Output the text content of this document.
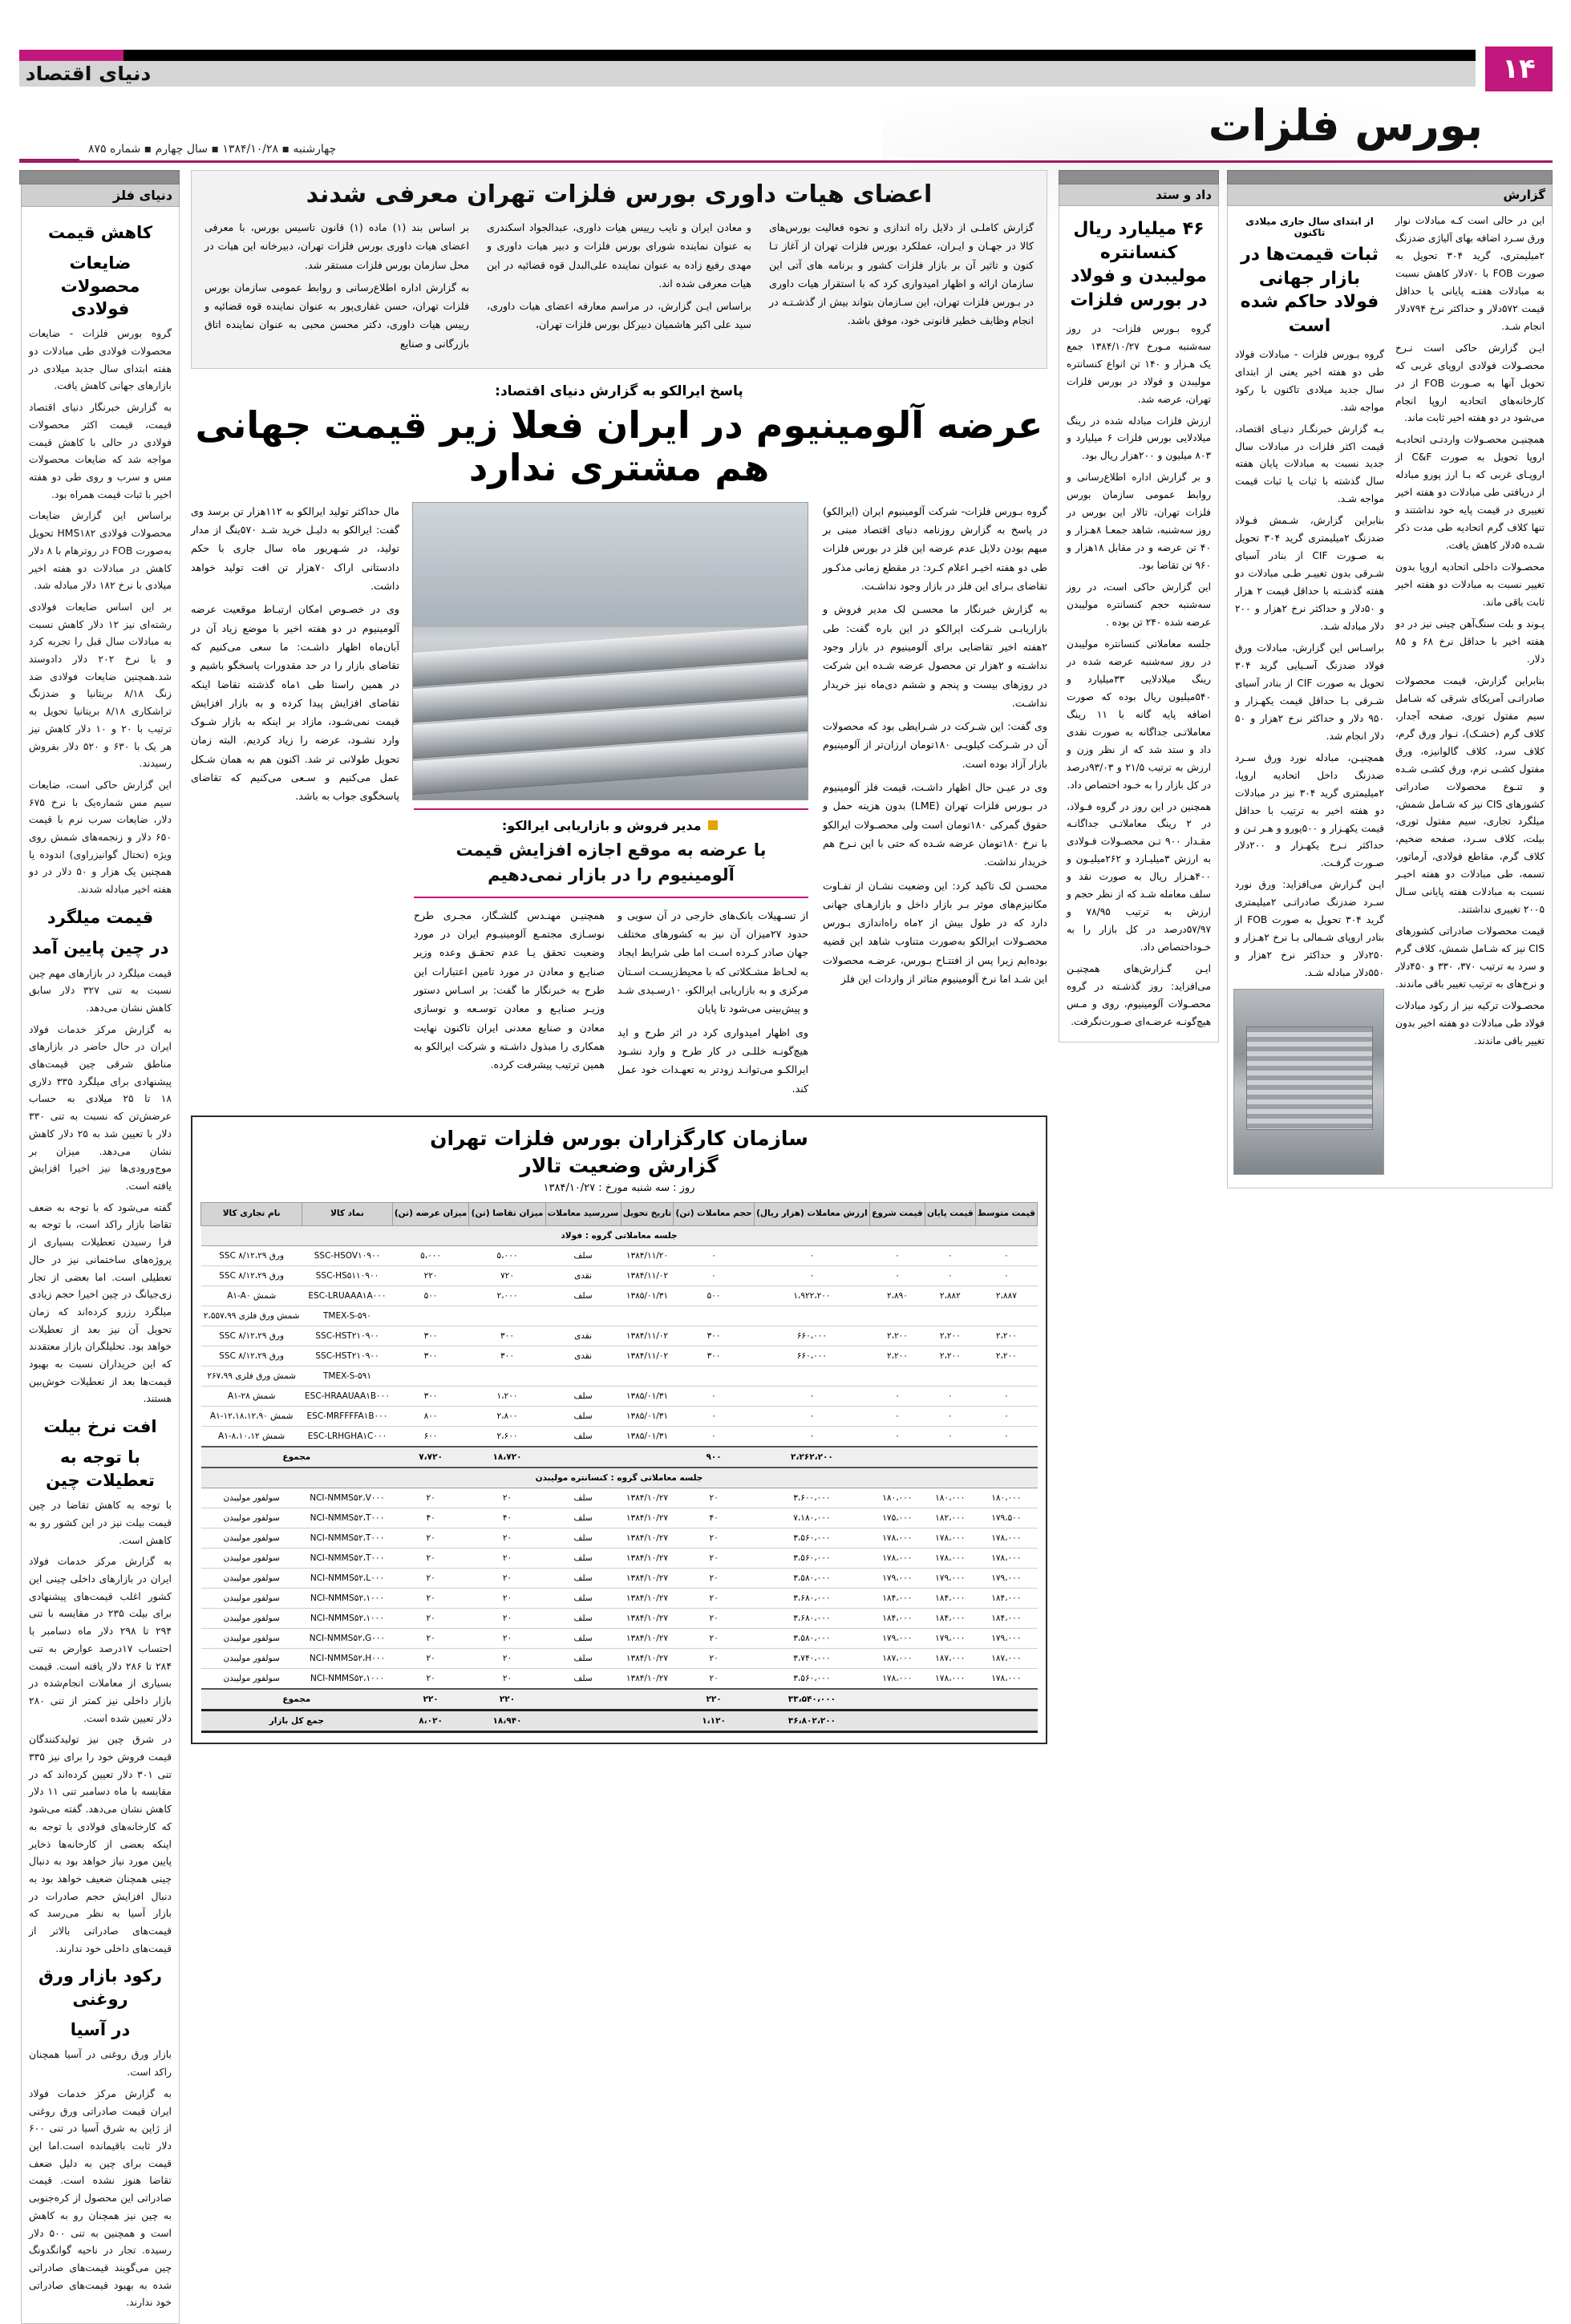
دنیای اقتصاد	۱۴
بورس فلزات
چهارشنبه ▪ ۱۳۸۴/۱۰/۲۸ ▪ سال چهارم ▪ شماره ۸۷۵
دنیای فلز
کاهش قیمت
ضایعات محصولات فولادی

گروه بورس فلزات - ضایعات محصولات فولادی طی مبادلات دو هفته ابتدای سال جدید میلادی در بازارهای جهانی کاهش یافت.

به گزارش خبرنگار دنیای اقتصاد قیمت، قیمت اکثر محصولات فولادی در حالی با کاهش قیمت مواجه شد که ضایعات محصولات مس و سرب و روی طی دو هفته اخیر با ثبات قیمت همراه بود.

براساس این گزارش ضایعات محصولات فولادی HMS۱۸۲ تحویل به‌صورت FOB در روترهام با ۸ دلار کاهش در مبادلات دو هفته اخیر میلادی با نرخ ۱۸۲ دلار مبادله شد.

بر این اساس ضایعات فولادی رشته‌ای نیز ۱۲ دلار کاهش نسبت به مبادلات سال قبل را تجربه کرد و با نرخ ۲۰۲ دلار دادوستد شد.همچنین ضایعات فولادی ضد زنگ ۸/۱۸ بریتانیا و ضدزنگ تراشکاری ۸/۱۸ بریتانیا تحویل به ترتیب با ۲۰ و ۱۰ دلار کاهش نیز هر یک با ۶۳۰ و ۵۲۰ دلار بفروش رسیدند.

این گزارش حاکی است، ضایعات سیم مس شماره‌یک با نرخ ۶۷۵ دلار، ضایعات سرب نرم با قیمت ۶۵۰ دلار و زنجمه‌های شمش روی ویژه (تختال گوانیزراوی) اندوده یا همچنین یک هزار و ۵۰ دلار در دو هفته اخیر مبادله شدند.

قیمت میلگرد
در چین پایین آمد

قیمت میلگرد در بازارهای مهم چین نسبت به تنی ۳۲۷ دلار سابق کاهش نشان می‌دهد.

به گزارش مرکز خدمات فولاد ایران در حال حاضر در بازارهای مناطق شرقی چین قیمت‌های پیشنهادی برای میلگرد ۳۳۵ دلاری ۱۸ تا ۲۵ میلادی به حساب عرضش‌تن که نسبت به تنی ۳۳۰ دلار با تعیین شد به ۲۵ دلار کاهش نشان می‌دهد. میزان بر موج‌ورودی‌ها نیز اخیرا افزایش یافته است.

گفته می‌شود که با توجه به ضعف تقاضا بازار راکد است، با توجه به فرا رسیدن تعطیلات بسیاری از پروژه‌های ساختمانی نیز در حال تعطیلی است. اما بعضی از تجار زی‌جیانگ در چین اخیرا حجم زیادی میلگرد رزرو کرده‌اند که زمان تحویل آن نیز بعد از تعطیلات خواهد بود. تحلیلگران بازار معتقدند که این خریداران نسبت به بهبود قیمت‌ها بعد از تعطیلات خوش‌بین هستند.

افت نرخ بیلت
با توجه به تعطیلات چین

با توجه به کاهش تقاضا در چین قیمت بیلت نیز در این کشور رو به کاهش است.

به گزارش مرکز خدمات فولاد ایران در بازارهای داخلی چینی این کشور اغلب قیمت‌های پیشنهادی برای بیلت ۲۳۵ در مقایسه با تنی ۲۹۴ تا ۲۹۸ دلار ماه دسامبر با احتساب ۱۷درصد عوارض به تنی ۲۸۴ تا ۲۸۶ دلار یافته است. قیمت بسیاری از معاملات انجام‌شده در بازار داخلی نیز کمتر از تنی ۲۸۰ دلار تعیین شده است.

در شرق چین نیز تولیدکنندگان قیمت فروش خود را برای نیز ۳۳۵ تنی ۳۰۱ دلار تعیین کرده‌اند که در مقایسه با ماه دسامبر تنی ۱۱ دلار کاهش نشان می‌دهد. گفته می‌شود که کارخانه‌های فولادی با توجه به اینکه بعضی از کارخانه‌ها ذخایر پایین مورد نیاز خواهد بود به دنبال چینی همچنان ضعیف خواهد بود به دنبال افزایش حجم صادرات در بازار آسیا به نظر می‌رسد که قیمت‌های صادراتی بالاتر از قیمت‌های داخلی خود ندارند.

رکود بازار ورق روغنی
در آسیا

بازار ورق روغنی در آسیا همچنان راکد است.

به گزارش مرکز خدمات فولاد ایران قیمت صادراتی ورق روغنی از ژاپن به شرق آسیا در تنی ۶۰۰ دلار ثابت باقیمانده است.اما این قیمت برای چین به دلیل ضعف تقاضا هنوز نشده است. قیمت صادراتی این محصول از کره‌جنوبی به چین نیز همچنان رو به کاهش است و همچنین به تنی ۵۰۰ دلار رسیده. تجار در ناحیه گوانگدونگ چین می‌گویند قیمت‌های صادراتی شده به بهبود قیمت‌های صادراتی خود ندارند.

اعضای هیات داوری بورس فلزات تهران معرفی شدند

گزارش کاملـی از دلایل راه اندازی و نحوه فعالیت بورس‌های کالا در جهـان و ایـران، عملکرد بورس فلزات تهران از آغاز تـا کنون و تاثیر آن بر بازار فلزات کشور و برنامه های آتی این سازمان ارائه و اظهار امیدواری کرد که با استقرار هیات داوری در بـورس فلزات تهران، این سـازمان بتواند بیش از گذشـتـه در انجام وظایف خطیر قانونی خود، موفق باشد.

و معادن ایران و نایب رییس هیات داوری، عبدالجواد اسکندری به عنوان نماینده شورای بورس فلزات و دبیر هیات داوری و مهدی رفیع زاده به عنوان نماینده علی‌البدل قوه قضائیه در این هیات معرفی شده اند.

براساس ایـن گزارش، در مراسم معارفه اعضای هیات داوری، سید علی اکبر هاشمیان دبیرکل بورس فلزات تهران،

بر اساس بند (۱) ماده (۱) قانون تاسیس بورس، با معرفی اعضای هیات داوری بورس فلزات تهران، دبیرخانه این هیات در محل سازمان بورس فلزات مستقر شد.

به گزارش اداره اطلاع‌رسانی و روابط عمومی سازمان بورس فلزات تهران، حسن غفاری‌پور به عنوان نماینده قوه قضائیه و رییس هیات داوری، دکتر محسن محبی به عنوان نماینده اتاق بازرگانی و صنایع

پاسخ ایرالکو به گزارش دنیای اقتصاد:
عرضه آلومینیوم در ایران فعلا زیر قیمت جهانی هم مشتری ندارد

گروه بـورس فلزات- شرکت آلومینیوم ایران (ایرالکو) در پاسخ به گزارش روزنامه دنیای اقتصاد مبنی بر مبهم بودن دلایل عدم عرضه این فلز در بورس فلزات طی دو هفته اخیـر اعلام کـرد: در مقطع زمانی مذکـور تقاضای بـرای این فلز در بازار وجود نداشـت.

به گزارش خبرنگار ما محسـن لک مدیر فروش و بازاریابـی شـرکت ایرالکو در این باره گفت: طی ۲هفته اخیر تقاضایی برای آلومینیوم در بازار وجود نداشـته و ۲هزار تن محصول عرضه شـده این شرکت در روزهای بیست و پنجم و ششم دی‌ماه نیز خریدار نداشـت.

وی گفت: این شـرکت در شـرایطی بود که محصولات آن در شـرکت کیلویـی ۱۸۰تومان ارزان‌تر از آلومینیوم بازار آزاد بوده است.

وی در عیـن حال اظهار داشـت، قیمت فلز آلومینیوم در بـورس فلزات تهران (LME) بدون هزینه حمل و حقوق گمرکی ۱۸۰تومان است ولی محصـولات ایرالکو با نرخ ۱۸۰تومان عرضه شـده که حتی با این نـرخ هم خریدار نداشت.

محسـن لک تاکید کرد: این وضعیت نشـان از تفـاوت مکانیزم‌های موثر بـر بازار داخل و بازارهـای جهانی دارد که در طول بیش از ۲ماه راه‌اندازی بـورس محصـولات ایرالکو به‌صورت متناوب شاهد این قضیه بوده‌ایم زیرا پس از افتتـاح بـورس، عرضـه محصولات این شـد اما نرخ آلومینیوم متاثر از واردات این فلز

مدیر فروش و بازاریابی ایرالکو:
با عرضه به موقع اجازه افزایش قیمت آلومینیوم را در بازار نمی‌دهیم

از تسـهیلات بانک‌های خارجی در آن سویی و حدود ۲۷میزان آن نیز به کشورهای مختلف جهان صادر کـرده اسـت اما طی شرایط ایجاد به لحـاظ مشـکلاتی که با محیط‌زیسـت اسـتان مرکزی و به بازاریابی ایرالکو، ۱۰رسـیدی شـد و پیش‌بینی می‌شود تا پایان

وی اظهار امیدواری کرد در اثر طرح و اید هیچ‌گونـه خللـی در کار طرح و وارد نشـود ایرالکـو می‌توانـد زودتر به تعهـدات خود عمل کند.

همچنیـن مهنـدس گلشـگار، مجـری طرح نوسـازی مجتمـع آلومینیـوم ایران در مورد وضعیت تحقق یـا عدم تحقـق وعده وزیر صنایـع و معادن در مورد تامین اعتبارات این طرح به خبرنگار ما گفت: بر اسـاس دستور وزیـر صنایـع و معادن توسـعه و نوسازی معادن و صنایع معدنی ایران تاکنون نهایت همکاری را مبذول داشـته و شرکت ایرالکو به همین ترتیب پیشرفت کرده.

مال حداکثر تولید ایرالکو به ۱۱۲هزار تن برسد وی گفت: ایرالکو به دلیـل خرید شـد ۵۷۰ینگ از مدار تولید، در شـهریور ماه سال جاری با حکم دادستانی اراک ۷۰هزار تن افت تولید خواهد داشت.

وی در خصـوص امکان ارتبـاط موقعیت عرضه آلومینیوم در دو هفته اخیر با موضع زیاد آن در آبان‌ماه اظهار داشـت: ما سعی می‌کنیم که تقاضای بازار را در حد مقدورات پاسخگو باشیم و در همین راستا طی ۱ماه گذشته تقاضا اینکه تقاضای افزایش پیدا کرده و به بازار افزایش قیمت نمی‌شـود، مازاد بر اینکه به بازار شـوک وارد نشـود، عرضه را زیاد کردیم. البته زمان تحویل طولانی تر شد. اکنون هم به همان شـکل عمل می‌کنیم و سـعی می‌کنیم که تقاضای پاسخگوی جواب به باشد.

سازمان کارگزاران بورس فلزات تهران
گزارش وضعیت تالار
روز : سه شنبه مورخ : ۱۳۸۴/۱۰/۲۷
قیمت متوسط	قیمت پایان	قیمت شروع	ارزش معاملات (هزار ریال)	حجم معاملات (تن)	تاریخ تحویل	سررسید معاملات	میزان تقاضا (تن)	میزان عرضه (تن)	نماد کالا	نام تجاری کالا
جلسه معاملاتی گروه : فولاد										
۰	۰	۰	۰	۰	۱۳۸۴/۱۱/۲۰	سلف	۵،۰۰۰	۵،۰۰۰	SSC-HSOV۱۰۹۰۰	ورق SSC ۸/۱۲،۲۹
۰	۰	۰	۰	۰	۱۳۸۴/۱۱/۰۲	نقدی	۷۲۰	۲۲۰	SSC-HS۵۱۱۰۹۰۰	ورق SSC ۸/۱۲،۲۹
۲،۸۸۷	۲،۸۸۲	۲،۸۹۰	۱،۹۲۲،۲۰۰	۵۰۰	۱۳۸۵/۰۱/۳۱	سلف	۲،۰۰۰	۵۰۰	ESC-LRUAAA۱A۰۰۰	شمش A۱-A۰
									TMEX-S-۵۹۰	شمش ورق فلزی ۲،۵۵۷،۹۹
۲،۲۰۰	۲،۲۰۰	۲،۲۰۰	۶۶۰،۰۰۰	۳۰۰	۱۳۸۴/۱۱/۰۲	نقدی	۳۰۰	۳۰۰	SSC-HST۲۱۰۹۰۰	ورق SSC ۸/۱۲،۲۹
۲،۲۰۰	۲،۲۰۰	۲،۲۰۰	۶۶۰،۰۰۰	۳۰۰	۱۳۸۴/۱۱/۰۲	نقدی	۳۰۰	۳۰۰	SSC-HST۲۱۰۹۰۰	ورق SSC ۸/۱۲،۲۹
									TMEX-S-۵۹۱	شمش ورق فلزی ۲۶۷،۹۹
۰	۰	۰	۰	۰	۱۳۸۵/۰۱/۳۱	سلف	۱،۲۰۰	۳۰۰	ESC-HRAAUAA۱B۰۰۰	شمش A۱-۲۸
۰	۰	۰	۰	۰	۱۳۸۵/۰۱/۳۱	سلف	۲،۸۰۰	۸۰۰	ESC-MRFFFFA۱B۰۰۰	شمش A۱-۱۲،۱۸،۱۲،۹۰
۰	۰	۰	۰	۰	۱۳۸۵/۰۱/۳۱	سلف	۲،۶۰۰	۶۰۰	ESC-LRHGHA۱C۰۰۰	شمش A۱-۸،۱۰،۱۲
			۲،۲۶۲،۲۰۰	۹۰۰			۱۸،۷۲۰	۷،۷۲۰	مجموع	
جلسه معاملاتی گروه : کنسانتره مولیبدن										
۱۸۰،۰۰۰	۱۸۰،۰۰۰	۱۸۰،۰۰۰	۳،۶۰۰،۰۰۰	۲۰	۱۳۸۴/۱۰/۲۷	سلف	۲۰	۲۰	NCI-NMMS۵۲،V۰۰۰	سولفور مولیبدن
۱۷۹،۵۰۰	۱۸۲،۰۰۰	۱۷۵،۰۰۰	۷،۱۸۰،۰۰۰	۴۰	۱۳۸۴/۱۰/۲۷	سلف	۴۰	۴۰	NCI-NMMS۵۲،T۰۰۰	سولفور مولیبدن
۱۷۸،۰۰۰	۱۷۸،۰۰۰	۱۷۸،۰۰۰	۳،۵۶۰،۰۰۰	۲۰	۱۳۸۴/۱۰/۲۷	سلف	۲۰	۲۰	NCI-NMMS۵۲،T۰۰۰	سولفور مولیبدن
۱۷۸،۰۰۰	۱۷۸،۰۰۰	۱۷۸،۰۰۰	۳،۵۶۰،۰۰۰	۲۰	۱۳۸۴/۱۰/۲۷	سلف	۲۰	۲۰	NCI-NMMS۵۲،T۰۰۰	سولفور مولیبدن
۱۷۹،۰۰۰	۱۷۹،۰۰۰	۱۷۹،۰۰۰	۳،۵۸۰،۰۰۰	۲۰	۱۳۸۴/۱۰/۲۷	سلف	۲۰	۲۰	NCI-NMMS۵۲،L۰۰۰	سولفور مولیبدن
۱۸۴،۰۰۰	۱۸۴،۰۰۰	۱۸۴،۰۰۰	۳،۶۸۰،۰۰۰	۲۰	۱۳۸۴/۱۰/۲۷	سلف	۲۰	۲۰	NCI-NMMS۵۲،۱۰۰۰	سولفور مولیبدن
۱۸۴،۰۰۰	۱۸۴،۰۰۰	۱۸۴،۰۰۰	۳،۶۸۰،۰۰۰	۲۰	۱۳۸۴/۱۰/۲۷	سلف	۲۰	۲۰	NCI-NMMS۵۲،۱۰۰۰	سولفور مولیبدن
۱۷۹،۰۰۰	۱۷۹،۰۰۰	۱۷۹،۰۰۰	۳،۵۸۰،۰۰۰	۲۰	۱۳۸۴/۱۰/۲۷	سلف	۲۰	۲۰	NCI-NMMS۵۲،G۰۰۰	سولفور مولیبدن
۱۸۷،۰۰۰	۱۸۷،۰۰۰	۱۸۷،۰۰۰	۳،۷۴۰،۰۰۰	۲۰	۱۳۸۴/۱۰/۲۷	سلف	۲۰	۲۰	NCI-NMMS۵۲،H۰۰۰	سولفور مولیبدن
۱۷۸،۰۰۰	۱۷۸،۰۰۰	۱۷۸،۰۰۰	۳،۵۶۰،۰۰۰	۲۰	۱۳۸۴/۱۰/۲۷	سلف	۲۰	۲۰	NCI-NMMS۵۲،۱۰۰۰	سولفور مولیبدن
			۳۳،۵۴۰،۰۰۰	۲۲۰			۲۲۰	۲۲۰	مجموع	
			۳۶،۸۰۲،۲۰۰	۱،۱۲۰			۱۸،۹۴۰	۸،۰۲۰	جمع کل بازار	
داد و ستد
۴۶ میلیارد ریال کنسانتره مولیبدن و فولاد در بورس فلزات

گروه بـورس فلزات- در روز سه‌شنبه مـورخ ۱۳۸۴/۱۰/۲۷ جمع یک هـزار و ۱۴۰ تن انواع کنسانتره مولیبدن و فولاد در بورس فلزات تهران، عرضه شد.

ارزش فلزات مبادله شده در رینگ میلادلایی بورس فلزات ۶ میلیارد و ۸۰۳ میلیون و ۲۰۰هزار ریال بود.

و بر گزارش اداره اطلاع‌رسانی و روابط عمومی سازمان بورس فلزات تهران، تالار این بورس در روز سه‌شنبه، شاهد جمعـا ۸هـزار و ۴۰ تن عرضه و در مقابل ۱۸هزار و ۹۶۰ تن تقاضا بود.

این گزارش حاکی است، در روز سه‌شنبه حجم کنسانتره مولیبدن عرضه شده ۲۴۰ تن بوده .

جلسه معاملاتی کنسانتره مولیبدن در روز سه‌شنبه عرضه شده در رینگ میلادلایی ۳۳میلیارد و ۵۴۰میلیون ریال بوده که صورت اضافه پایه گانه با ۱۱ رینگ معاملاتـی جداگانه به صورت نقدی داد و ستد شد که از نظر وزن و ارزش به ترتیب ۲۱/۵ و ۹۳/۰۳درصد در کل بازار را به خـود اختصاص داد.

همچنین در این روز در گروه فـولاد، در ۲ رینگ معاملاتـی جداگانـه مقـدار ۹۰۰ تـن محصـولات فـولادی به ارزش ۳میلیـارد و ۲۶۲میلیـون و ۴۰۰هـزار ریال به صورت نقد و سلف معامله شـد که از نظر حجم و ارزش به ترتیب ۷۸/۹۵ و ۵۷/۹۷درصد در کل بازار را به خـوداختصاص داد.

ایـن گـزارش‌های همچنیـن می‌افزاید: روز گذشـته در گروه محصـولات آلومینیوم، روی و مـس هیچ‌گونـه عرضـه‌ای صـورت‌نگرفت.

گزارش

این در حالی است کـه مبادلات نوار ورق سـرد اضافه بهای آلیاژی ضدزنگ ۲میلیمتری، گرید ۳۰۴ تحویل به صورت FOB با ۷۰دلار کاهش نسبت به مبادلات هفتـه پایانی با حداقل قیمت ۵۷۲دلار و حداکثر نرخ ۷۹۴دلار انجام شـد.

ایـن گزارش حاکی است نـرخ محصـولات فولادی اروپای غربی که تحویل آنها به صـورت FOB از در کارخانه‌های اتحادیه اروپا انجام می‌شود در دو هفته اخیر ثابت ماند.

همچنیـن محصـولات واردتـی اتحادیـه اروپا تحویل به صورت C&F از اروپـای غربی که بـا ارز پورو مبادله از دریافتی طی مبادلات دو هفته اخیر تغییری در قیمت پایه خود نداشتند و تنها کلاف گرم اتحادیه طی مدت ذکر شـده ۵دلار کاهش یافت.

محصـولات داخلی اتحادیه اروپا بدون تغییر نسبت به مبادلات دو هفته اخیر ثابت باقی ماند.

پـوند و بلت سنگ‌آهن چینی نیز در دو هفته اخیر با حداقل نرخ ۶۸ و ۸۵ دلار.

بنابراین گزارش، قیمت محصولات صادراتـی آمریکای شرقی که شـامل سیم مفتول توری، صفحه آجدار، کلاف گرم (خشـک)، نـوار ورق گرم، کلاف سرد، کلاف گالوانیزه، ورق مفتول کشـی نرم، ورق کشـی شـده و تنـوع محصولات صادراتی کشورهای CIS نیز که شـامل شمش، میلگرد تجاری، سیم مفتول توری، بیلت، کلاف سـرد، صفحه ضخیم، کلاف گرم، مقاطع فولادی، آرماتور، تسمه، طی مبادلات دو هفته اخیـر نسبت به مبادلات هفته پایانی سـال ۲۰۰۵ تغییری نداشتند.

قیمت محصولات صادراتی کشورهای CIS نیز که شـامل شمش، کلاف گرم و سرد به ترتیب ۳۷۰، ۳۳۰ و ۴۵۰دلار و نرخ‌های به ترتیب تغییر باقی ماندند.

محصـولات ترکیه نیز از رکود مبادلات فولاد طی مبادلات دو هفته اخیر بدون تغییر باقی ماندند.

از ابتدای سال جاری میلادی تاکنون
ثبات قیمت‌ها در بازار جهانی فولاد حاکم شده است

گروه بـورس فلزات - مبادلات فولاد طی دو هفته اخیر یعنی از ابتدای سال جدید میلادی تاکنون با رکود مواجه شد.

بـه گزارش خبرنگـار دنیـای اقتصاد، قیمت اکثر فلزات در مبادلات سال جدید نسبت به مبادلات پایان هفته سال گذشته با ثبات یا ثبات قیمت مواجه شـد.

بنابراین گزارش، شـمش فـولاد ضدزنگ ۲میلیمتری گرید ۳۰۴ تحویل به صـورت CIF از بنادر آسیای شـرقی بدون تغییـر طـی مبادلات دو هفته گذشـته با حداقل قیمت ۲ هزار و ۵۰دلار و حداکثر نرخ ۲هزار و ۲۰۰ دلار مبادله شـد.

براسـاس این گزارش، مبادلات ورق فولاد ضدزنگ آسـیایی گرید ۳۰۴ تحویل به صورت CIF از بنادر آسیای شـرقی بـا حداقل قیمت یکهـزار و ۹۵۰ دلار و حداکثر نرخ ۲هزار و ۵۰ دلار انجام شد.

همچنیـن، مبادله نورد ورق سـرد ضدزنگ داخل اتحادیه اروپا، ۲میلیمتری گرید ۳۰۴ نیز در مبادلات دو هفته اخیر به ترتیب با حداقل قیمت یکهـزار و ۵۰۰یورو و هـر تـن و حداکثر نـرخ یکهـزار و ۲۰۰دلار صـورت گرفـت.

ایـن گـزارش می‌افزاید: ورق نورد سـرد ضدزنگ صادراتـی ۲میلیمتری گرید ۳۰۴ تحویل به صورت FOB از بنادر اروپای شـمالی بـا نرخ ۲هـزار و ۲۵۰دلار و حداکثر نرخ ۲هزار و ۵۵۰دلار مبادله شـد.
